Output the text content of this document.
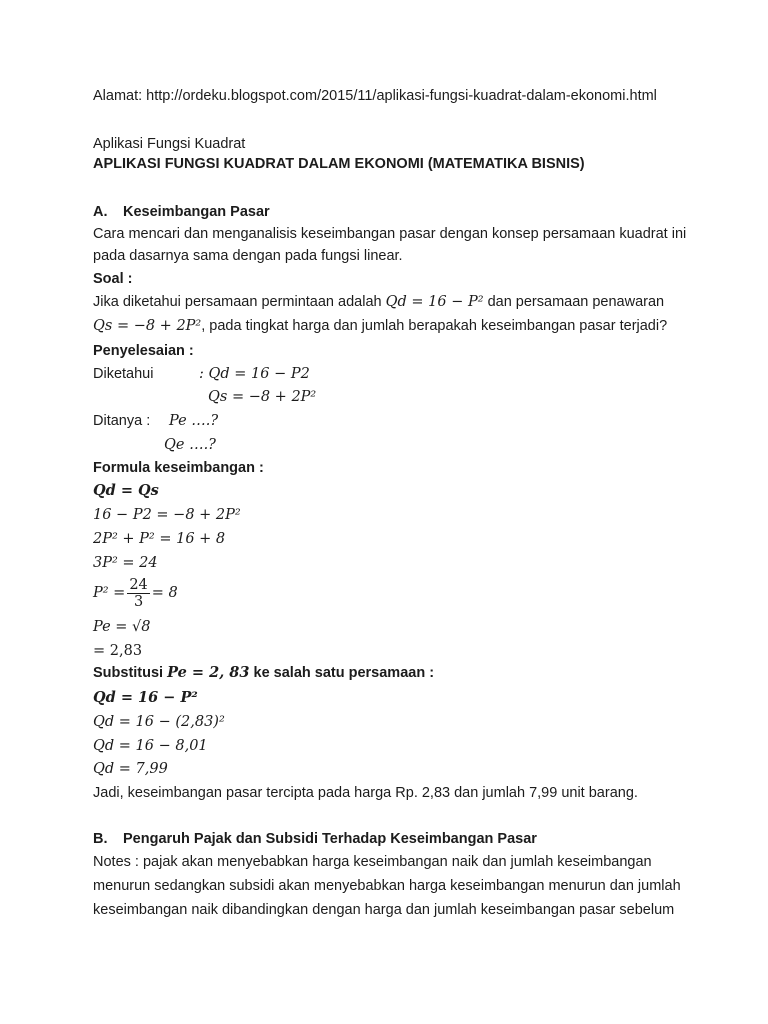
Alamat: http://ordeku.blogspot.com/2015/11/aplikasi-fungsi-kuadrat-dalam-ekonomi.html
Aplikasi Fungsi Kuadrat
APLIKASI FUNGSI KUADRAT DALAM EKONOMI (MATEMATIKA BISNIS)
A. Keseimbangan Pasar
Cara mencari dan menganalisis keseimbangan pasar dengan konsep persamaan kuadrat ini
pada dasarnya sama dengan pada fungsi linear.
Soal :
Jika diketahui persamaan permintaan adalah Qd = 16 − P² dan persamaan penawaran
Qs = −8 + 2P², pada tingkat harga dan jumlah berapakah keseimbangan pasar terjadi?
Penyelesaian :
Diketahui	: Qd = 16 − P2
Qs = −8 + 2P²
Ditanya : Pe ….?
Qe ….?
Formula keseimbangan :
Qd = Qs
16 − P2 = −8 + 2P²
2P² + P² = 16 + 8
3P² = 24
$P^2 = \frac{24}{3} = 8$
Pe = √8
= 2,83
Substitusi Pe = 2, 83 ke salah satu persamaan :
Qd = 16 − P²
Qd = 16 − (2,83)²
Qd = 16 − 8,01
Qd = 7,99
Jadi, keseimbangan pasar tercipta pada harga Rp. 2,83 dan jumlah 7,99 unit barang.
B. Pengaruh Pajak dan Subsidi Terhadap Keseimbangan Pasar
Notes : pajak akan menyebabkan harga keseimbangan naik dan jumlah keseimbangan
menurun sedangkan subsidi akan menyebabkan harga keseimbangan menurun dan jumlah
keseimbangan naik dibandingkan dengan harga dan jumlah keseimbangan pasar sebelum
